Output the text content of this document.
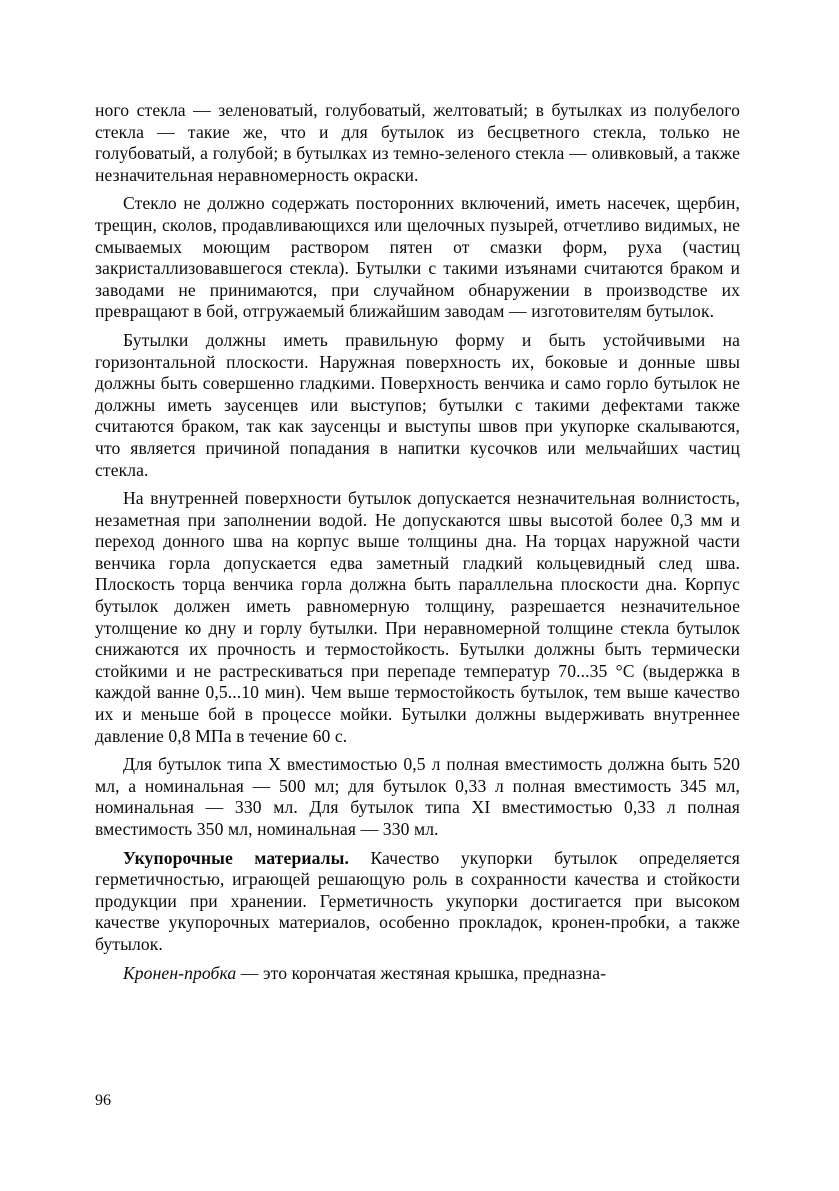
ного стекла — зеленоватый, голубоватый, желтоватый; в бутылках из полубелого стекла — такие же, что и для бутылок из бесцветного стекла, только не голубоватый, а голубой; в бутылках из темно-зеленого стекла — оливковый, а также незначительная неравномерность окраски.

Стекло не должно содержать посторонних включений, иметь насечек, щербин, трещин, сколов, продавливающихся или щелочных пузырей, отчетливо видимых, не смываемых моющим раствором пятен от смазки форм, руха (частиц закристаллизовавшегося стекла). Бутылки с такими изъянами считаются браком и заводами не принимаются, при случайном обнаружении в производстве их превращают в бой, отгружаемый ближайшим заводам — изготовителям бутылок.

Бутылки должны иметь правильную форму и быть устойчивыми на горизонтальной плоскости. Наружная поверхность их, боковые и донные швы должны быть совершенно гладкими. Поверхность венчика и само горло бутылок не должны иметь заусенцев или выступов; бутылки с такими дефектами также считаются браком, так как заусенцы и выступы швов при укупорке скалываются, что является причиной попадания в напитки кусочков или мельчайших частиц стекла.

На внутренней поверхности бутылок допускается незначительная волнистость, незаметная при заполнении водой. Не допускаются швы высотой более 0,3 мм и переход донного шва на корпус выше толщины дна. На торцах наружной части венчика горла допускается едва заметный гладкий кольцевидный след шва. Плоскость торца венчика горла должна быть параллельна плоскости дна. Корпус бутылок должен иметь равномерную толщину, разрешается незначительное утолщение ко дну и горлу бутылки. При неравномерной толщине стекла бутылок снижаются их прочность и термостойкость. Бутылки должны быть термически стойкими и не растрескиваться при перепаде температур 70...35 °С (выдержка в каждой ванне 0,5...10 мин). Чем выше термостойкость бутылок, тем выше качество их и меньше бой в процессе мойки. Бутылки должны выдерживать внутреннее давление 0,8 МПа в течение 60 с.

Для бутылок типа X вместимостью 0,5 л полная вместимость должна быть 520 мл, а номинальная — 500 мл; для бутылок 0,33 л полная вместимость 345 мл, номинальная — 330 мл. Для бутылок типа XI вместимостью 0,33 л полная вместимость 350 мл, номинальная — 330 мл.

Укупорочные материалы. Качество укупорки бутылок определяется герметичностью, играющей решающую роль в сохранности качества и стойкости продукции при хранении. Герметичность укупорки достигается при высоком качестве укупорочных материалов, особенно прокладок, кронен-пробки, а также бутылок.

Кронен-пробка — это корончатая жестяная крышка, предназна-

96
